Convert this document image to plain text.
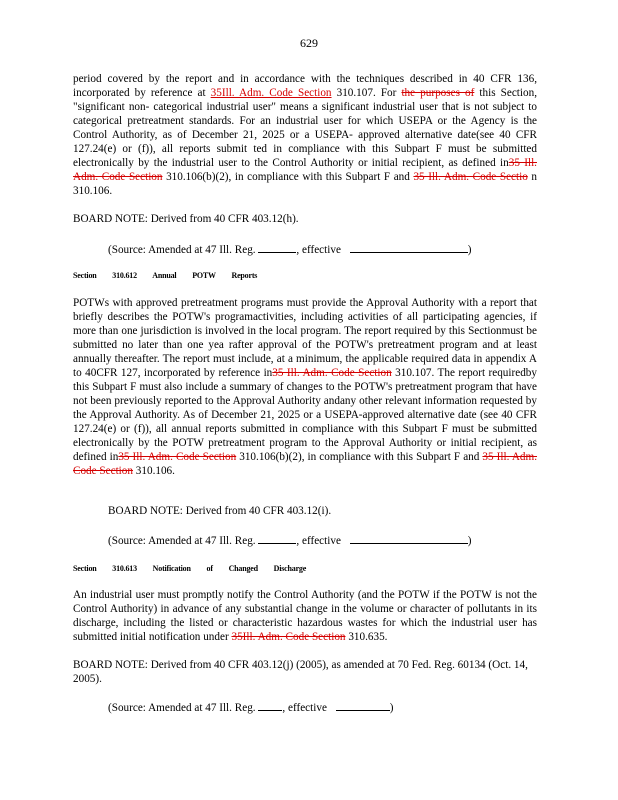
629
period covered by the report and in accordance with the techniques described in 40 CFR 136, incorporated by reference at 35Ill. Adm. Code Section 310.107. For the purposes of this Section, "significant non- categorical industrial user" means a significant industrial user that is not subject to categorical pretreatment standards. For an industrial user for which USEPA or the Agency is the Control Authority, as of December 21, 2025 or a USEPA- approved alternative date(see 40 CFR 127.24(e) or (f)), all reports submit ted in compliance with this Subpart F must be submitted electronically by the industrial user to the Control Authority or initial recipient, as defined in35 Ill. Adm. Code Section 310.106(b)(2), in compliance with this Subpart F and 35 Ill. Adm. Code Sectio n 310.106.
BOARD NOTE: Derived from 40 CFR 403.12(h).
(Source: Amended at 47 Ill. Reg.	, effective	)
Section 310.612 Annual POTW Reports
POTWs with approved pretreatment programs must provide the Approval Authority with a report that briefly describes the POTW's programactivities, including activities of all participating agencies, if more than one jurisdiction is involved in the local program. The report required by this Sectionmust be submitted no later than one yea rafter approval of the POTW's pretreatment program and at least annually thereafter. The report must include, at a minimum, the applicable required data in appendix A to 40CFR 127, incorporated by reference in35 Ill. Adm. Code Section 310.107. The report requiredby this Subpart F must also include a summary of changes to the POTW's pretreatment program that have not been previously reported to the Approval Authority andany other relevant information requested by the Approval Authority. As of December 21, 2025 or a USEPA-approved alternative date (see 40 CFR 127.24(e) or (f)), all annual reports submitted in compliance with this Subpart F must be submitted electronically by the POTW pretreatment program to the Approval Authority or initial recipient, as defined in35 Ill. Adm. Code Section 310.106(b)(2), in compliance with this Subpart F and 35 Ill. Adm. Code Section 310.106.
BOARD NOTE: Derived from 40 CFR 403.12(i).
(Source: Amended at 47 Ill. Reg.	, effective	)
Section 310.613 Notification of Changed Discharge
An industrial user must promptly notify the Control Authority (and the POTW if the POTW is not the Control Authority) in advance of any substantial change in the volume or character of pollutants in its discharge, including the listed or characteristic hazardous wastes for which the industrial user has submitted initial notification under 35Ill. Adm. Code Section 310.635.
BOARD NOTE: Derived from 40 CFR 403.12(j) (2005), as amended at 70 Fed. Reg. 60134 (Oct. 14, 2005).
(Source: Amended at 47 Ill. Reg. , effective	)
